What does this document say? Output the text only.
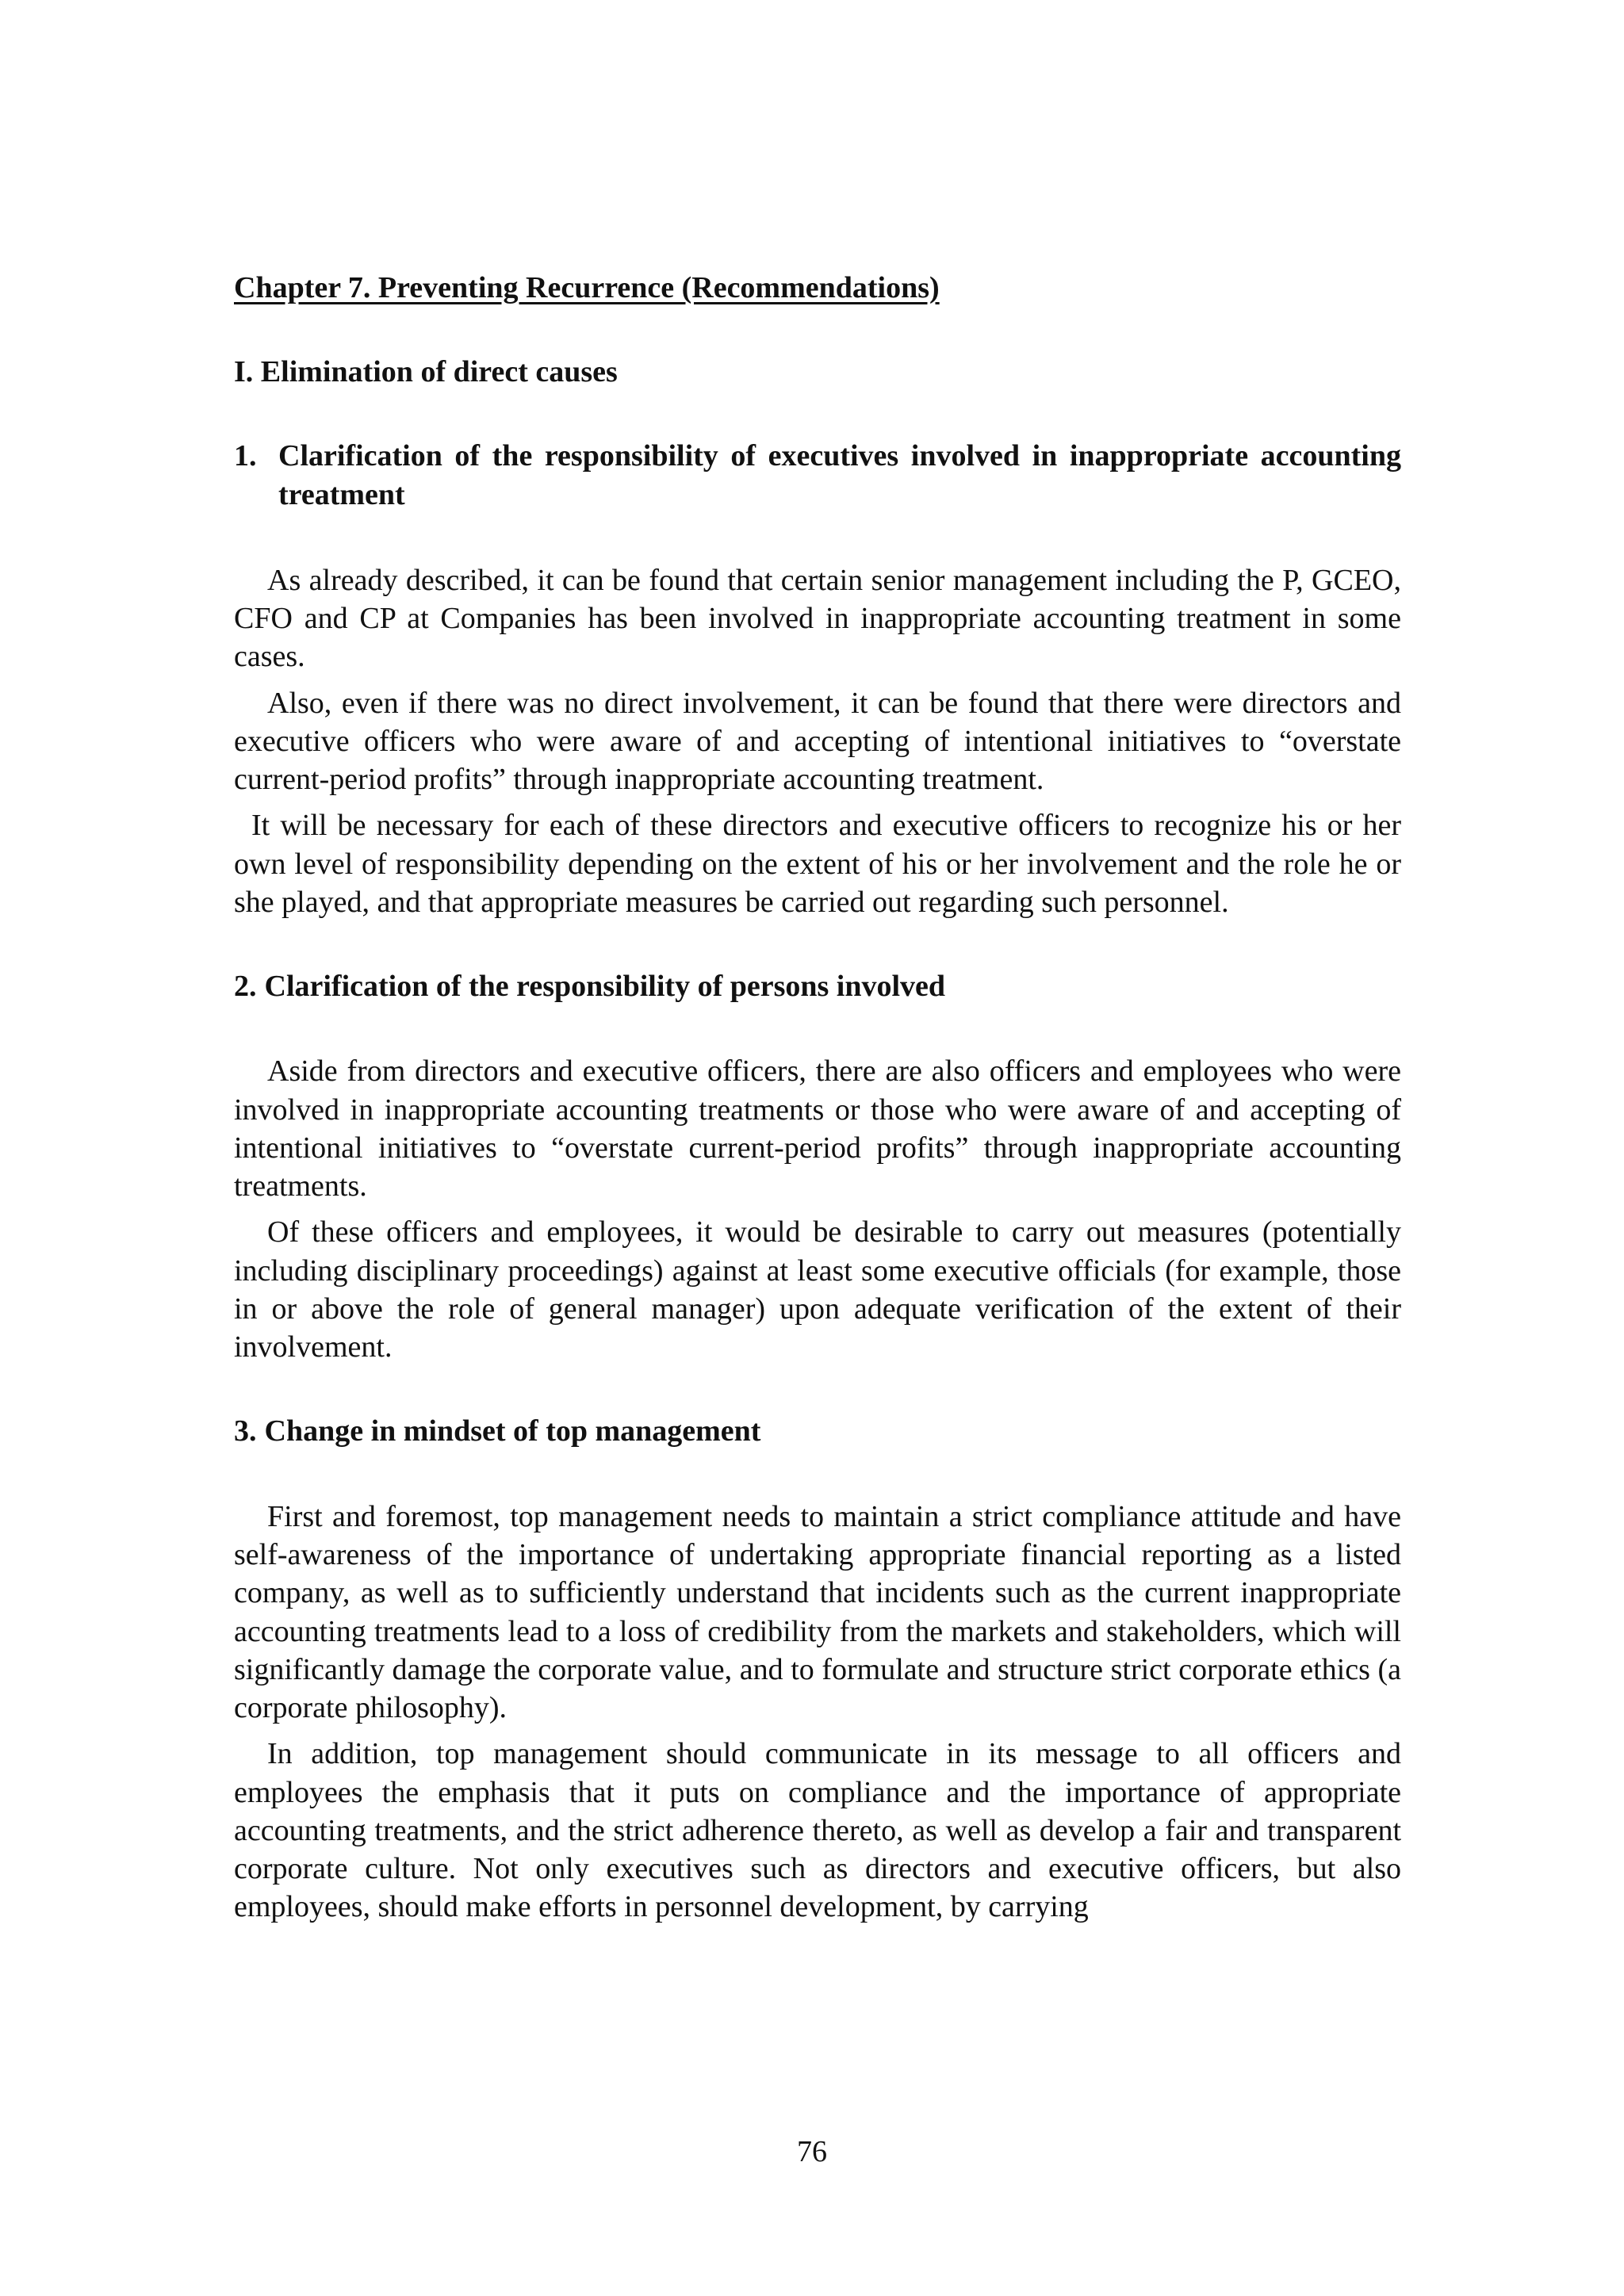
Chapter 7. Preventing Recurrence (Recommendations)
I. Elimination of direct causes
1. Clarification of the responsibility of executives involved in inappropriate accounting treatment

As already described, it can be found that certain senior management including the P, GCEO, CFO and CP at Companies has been involved in inappropriate accounting treatment in some cases.

Also, even if there was no direct involvement, it can be found that there were directors and executive officers who were aware of and accepting of intentional initiatives to “overstate current-period profits” through inappropriate accounting treatment.

It will be necessary for each of these directors and executive officers to recognize his or her own level of responsibility depending on the extent of his or her involvement and the role he or she played, and that appropriate measures be carried out regarding such personnel.

2. Clarification of the responsibility of persons involved

Aside from directors and executive officers, there are also officers and employees who were involved in inappropriate accounting treatments or those who were aware of and accepting of intentional initiatives to “overstate current-period profits” through inappropriate accounting treatments.

Of these officers and employees, it would be desirable to carry out measures (potentially including disciplinary proceedings) against at least some executive officials (for example, those in or above the role of general manager) upon adequate verification of the extent of their involvement.

3. Change in mindset of top management

First and foremost, top management needs to maintain a strict compliance attitude and have self-awareness of the importance of undertaking appropriate financial reporting as a listed company, as well as to sufficiently understand that incidents such as the current inappropriate accounting treatments lead to a loss of credibility from the markets and stakeholders, which will significantly damage the corporate value, and to formulate and structure strict corporate ethics (a corporate philosophy).

In addition, top management should communicate in its message to all officers and employees the emphasis that it puts on compliance and the importance of appropriate accounting treatments, and the strict adherence thereto, as well as develop a fair and transparent corporate culture. Not only executives such as directors and executive officers, but also employees, should make efforts in personnel development, by carrying

76
